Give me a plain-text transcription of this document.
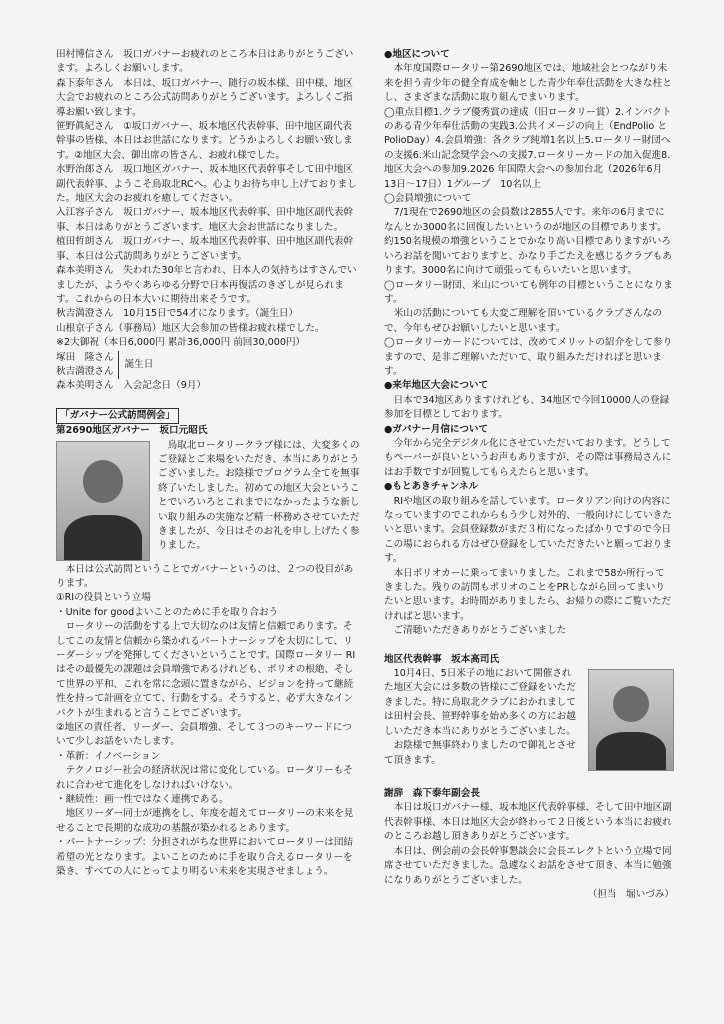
田村博信さん　坂口ガバナーお疲れのところ本日はありがとうございます。よろしくお願いします。

森下泰年さん　本日は、坂口ガバナー、随行の坂本様、田中様、地区大会でお疲れのところ公式訪問ありがとうございます。よろしくご指導お願い致します。

笹野眞紀さん　①坂口ガバナー、坂本地区代表幹事、田中地区副代表幹事の皆様、本日はお世話になります。どうかよろしくお願い致します。②地区大会、御出席の皆さん、お疲れ様でした。

水野治郎さん　坂口地区ガバナー、坂本地区代表幹事そして田中地区副代表幹事、ようこそ鳥取北RCへ。心よりお待ち申し上げておりました。地区大会のお疲れを癒してください。

入江容子さん　坂口ガバナー、坂本地区代表幹事、田中地区副代表幹事、本日はありがとうございます。地区大会お世話になりました。

植田哲朗さん　坂口ガバナー、坂本地区代表幹事、田中地区副代表幹事、本日は公式訪問ありがとうございます。

森本美明さん　失われた30年と言われ、日本人の気持ちはすさんでいましたが、ようやくあらゆる分野で日本再復活のきざしが見られます。これからの日本大いに期待出来そうです。

秋吉満澄さん　10月15日で54才になります。（誕生日）

山根京子さん（事務局）地区大会参加の皆様お疲れ様でした。

※2大御祝（本日6,000円 累計36,000円 前回30,000円）

塚田　隆さん

秋吉満澄さん

誕生日

森本美明さん　入会記念日（9月）

「ガバナー公式訪問例会」

第2690地区ガバナー　坂口元昭氏

鳥取北ロータリークラブ様には、大変多くのご登録とご来場をいただき、本当にありがとうございました。お陰様でプログラム全てを無事終了いたしました。初めての地区大会ということでいろいろとこれまでになかったような新しい取り組みの実施など精一杯務めさせていただきましたが、今日はそのお礼を申し上げたく参りました。

本日は公式訪問ということでガバナーというのは、２つの役目があります。

①RIの役員という立場

・Unite for goodよいことのために手を取り合おう

ロータリーの活動をする上で大切なのは友情と信頼であります。そしてこの友情と信頼から築かれるパートナーシップを大切にして、リーダーシップを発揮してくださいということです。国際ロータリー RIはその最優先の課題は会員増強であるけれども、ポリオの根絶、そして世界の平和、これを常に念頭に置きながら、ビジョンを持って継続性を持って計画を立てて、行動をする。そうすると、必ず大きなインパクトが生まれると言うことでございます。

②地区の責任者、リーダー、会員増強、そして３つのキーワードについて少しお話をいたします。

・革新：イノベーション

テクノロジー社会の経済状況は常に変化している。ロータリーもそれに合わせて進化をしなければいけない。

・継続性：画一性ではなく連携である。

地区リーダー同士が連携をし、年度を超えてロータリーの未来を見せることで長期的な成功の基盤が築かれるとあります。

・パートナーシップ：分担されがちな世界においてロータリーは団結希望の光となります。よいことのために手を取り合えるロータリーを築き、すべての人にとってより明るい未来を実現させましょう。

●地区について

本年度国際ロータリー第2690地区では、地域社会とつながり未来を担う青少年の健全育成を軸とした青少年奉仕活動を大きな柱とし、さまざまな活動に取り組んでまいります。

◯重点目標1.クラブ優秀賞の達成（旧ロータリー賞）2.インパクトのある青少年奉仕活動の実践3.公共イメージの向上（EndPolio と PolioDay）4.会員増強：各クラブ純増1名以上5.ロータリー財団への支援6.米山記念奨学会への支援7.ロータリーカードの加入促進8.地区大会への参加9.2026 年国際大会への参加台北（2026年6月13日～17日）1グループ　10名以上

◯会員増強について

7/1現在で2690地区の会員数は2855人です。来年の6月までになんとか3000名に回復したいというのが地区の目標であります。約150名規模の増強ということでかなり高い目標でありますがいろいろお話を聞いておりますと、かなり手ごたえを感じるクラブもあります。3000名に向けて頑張ってもらいたいと思います。

◯ロータリー財団、米山についても例年の目標ということになります。

米山の活動についても大変ご理解を頂いているクラブさんなので、今年もぜひお願いしたいと思います。

◯ロータリーカードについては、改めてメリットの紹介をして参りますので、是非ご理解いただいて、取り組みただければと思います。

●来年地区大会について

日本で34地区ありますけれども、34地区で今回10000人の登録参加を目標としております。

●ガバナー月信について

今年から完全デジタル化にさせていただいております。どうしてもペーパーが良いというお声もありますが、その際は事務局さんにはお手数ですが回覧してもらえたらと思います。

●もとあきチャンネル

RIや地区の取り組みを話しています。ロータリアン向けの内容になっていますのでこれからもう少し対外的、一般向けにしていきたいと思います。会員登録数がまだ３桁になったばかりですので今日この場におられる方はぜひ登録をしていただきたいと願っております。

本日ポリオカーに乗ってまいりました。これまで58か所行ってきました。残りの訪問もポリオのことをPRしながら回ってまいりたいと思います。お時間がありましたら、お帰りの際にご覧いただければと思います。

ご清聴いただきありがとうございました

地区代表幹事　坂本高司氏

10月4日、5日米子の地において開催された地区大会には多数の皆様にご登録をいただきました。特に鳥取北クラブにおかれましては田村会長、笹野幹事を始め多くの方にお越しいただき本当にありがとうございました。

お陰様で無事終わりましたので御礼とさせて頂きます。

謝辞　森下泰年副会長

本日は坂口ガバナー様、坂本地区代表幹事様、そして田中地区副代表幹事様、本日は地区大会が終わって２日後という本当にお疲れのところお越し頂きありがとうございます。

本日は、例会前の会長幹事懇談会に会長エレクトという立場で同席させていただきました。急遽なくお話をさせて頂き、本当に勉強になりありがとうございました。

（担当　堀いづみ）
